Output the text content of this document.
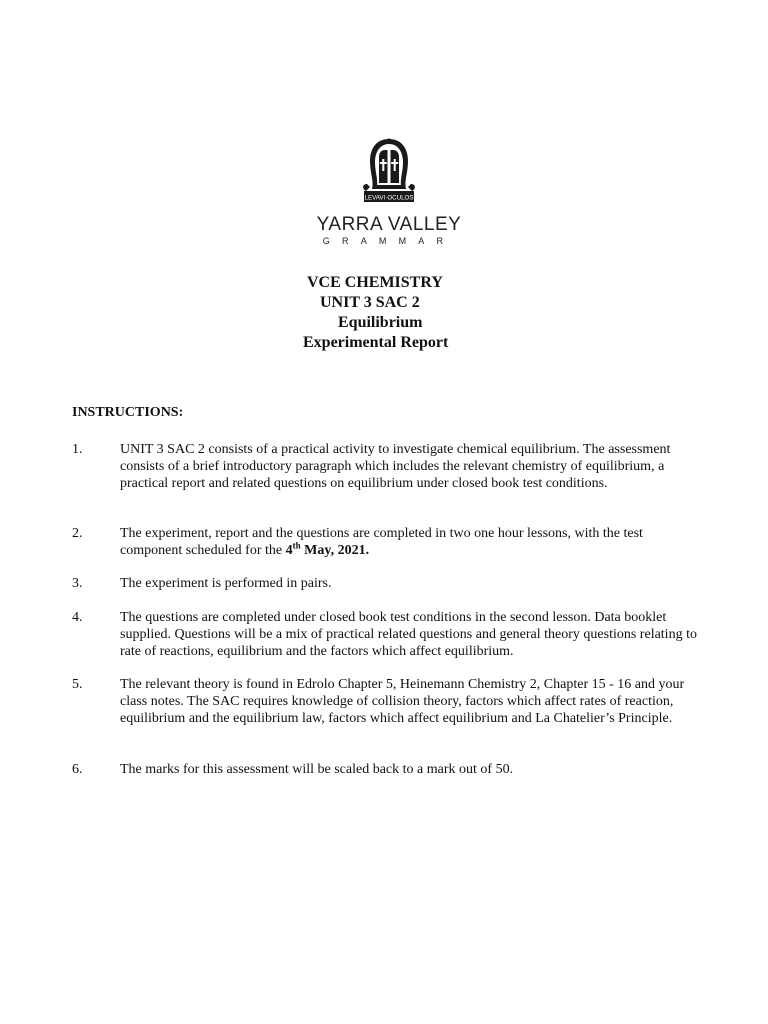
LEVAVI·OCULOS
YARRA VALLEY
GRAMMAR
VCE CHEMISTRY
UNIT 3 SAC 2
Equilibrium
Experimental Report
INSTRUCTIONS:
1.	UNIT 3 SAC 2 consists of a practical activity to investigate chemical equilibrium. The assessment consists of a brief introductory paragraph which includes the relevant chemistry of equilibrium, a practical report and related questions on equilibrium under closed book test conditions.
2.	The experiment, report and the questions are completed in two one hour lessons, with the test component scheduled for the 4th May, 2021.
3.	The experiment is performed in pairs.
4.	The questions are completed under closed book test conditions in the second lesson. Data booklet supplied. Questions will be a mix of practical related questions and general theory questions relating to rate of reactions, equilibrium and the factors which affect equilibrium.
5.	The relevant theory is found in Edrolo Chapter 5, Heinemann Chemistry 2, Chapter 15 - 16 and your class notes. The SAC requires knowledge of collision theory, factors which affect rates of reaction, equilibrium and the equilibrium law, factors which affect equilibrium and La Chatelier’s Principle.
6.	The marks for this assessment will be scaled back to a mark out of 50.
